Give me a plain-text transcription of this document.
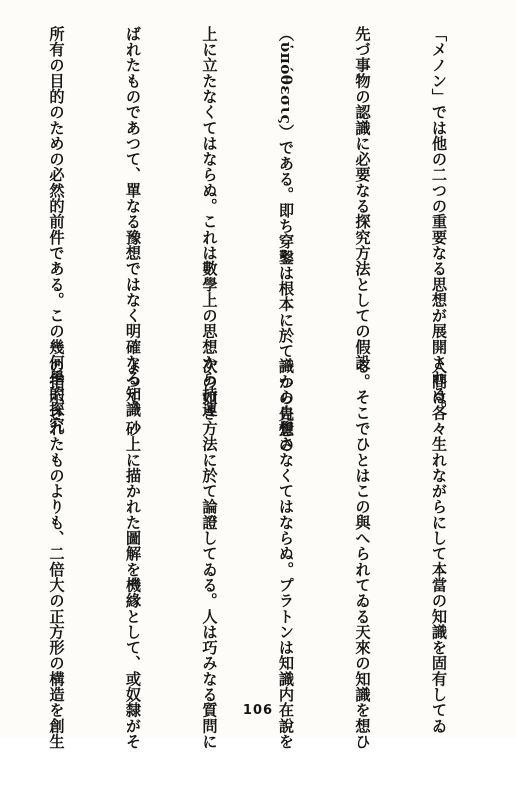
「メノン」では他の二つの重要なる思想が展開される。

先づ事物の認識に必要なる探究方法としての假設

（ὑπόθεσις）である。即ち穿鑿は根本に於て一つの先想の

上に立たなくてはならぬ。これは數學上の思想から持運

ばれたものであつて、單なる豫想ではなく明確なる知識

所有の目的のための必然的前件である。この幾何學的探究

人間は各々生れながらにして本當の知識を固有してゐ

る。そこでひとはこの與へられてゐる天來の知識を想ひ

識から自覺さなくてはならぬ。プラトンは知識内在說を

次の如き方法に於て論證してゐる。人は巧みなる質問に

よつて、砂上に描かれた圖解を機緣として、或奴隸がそ

の指示されたものよりも、二倍大の正方形の構造を創生

	106
